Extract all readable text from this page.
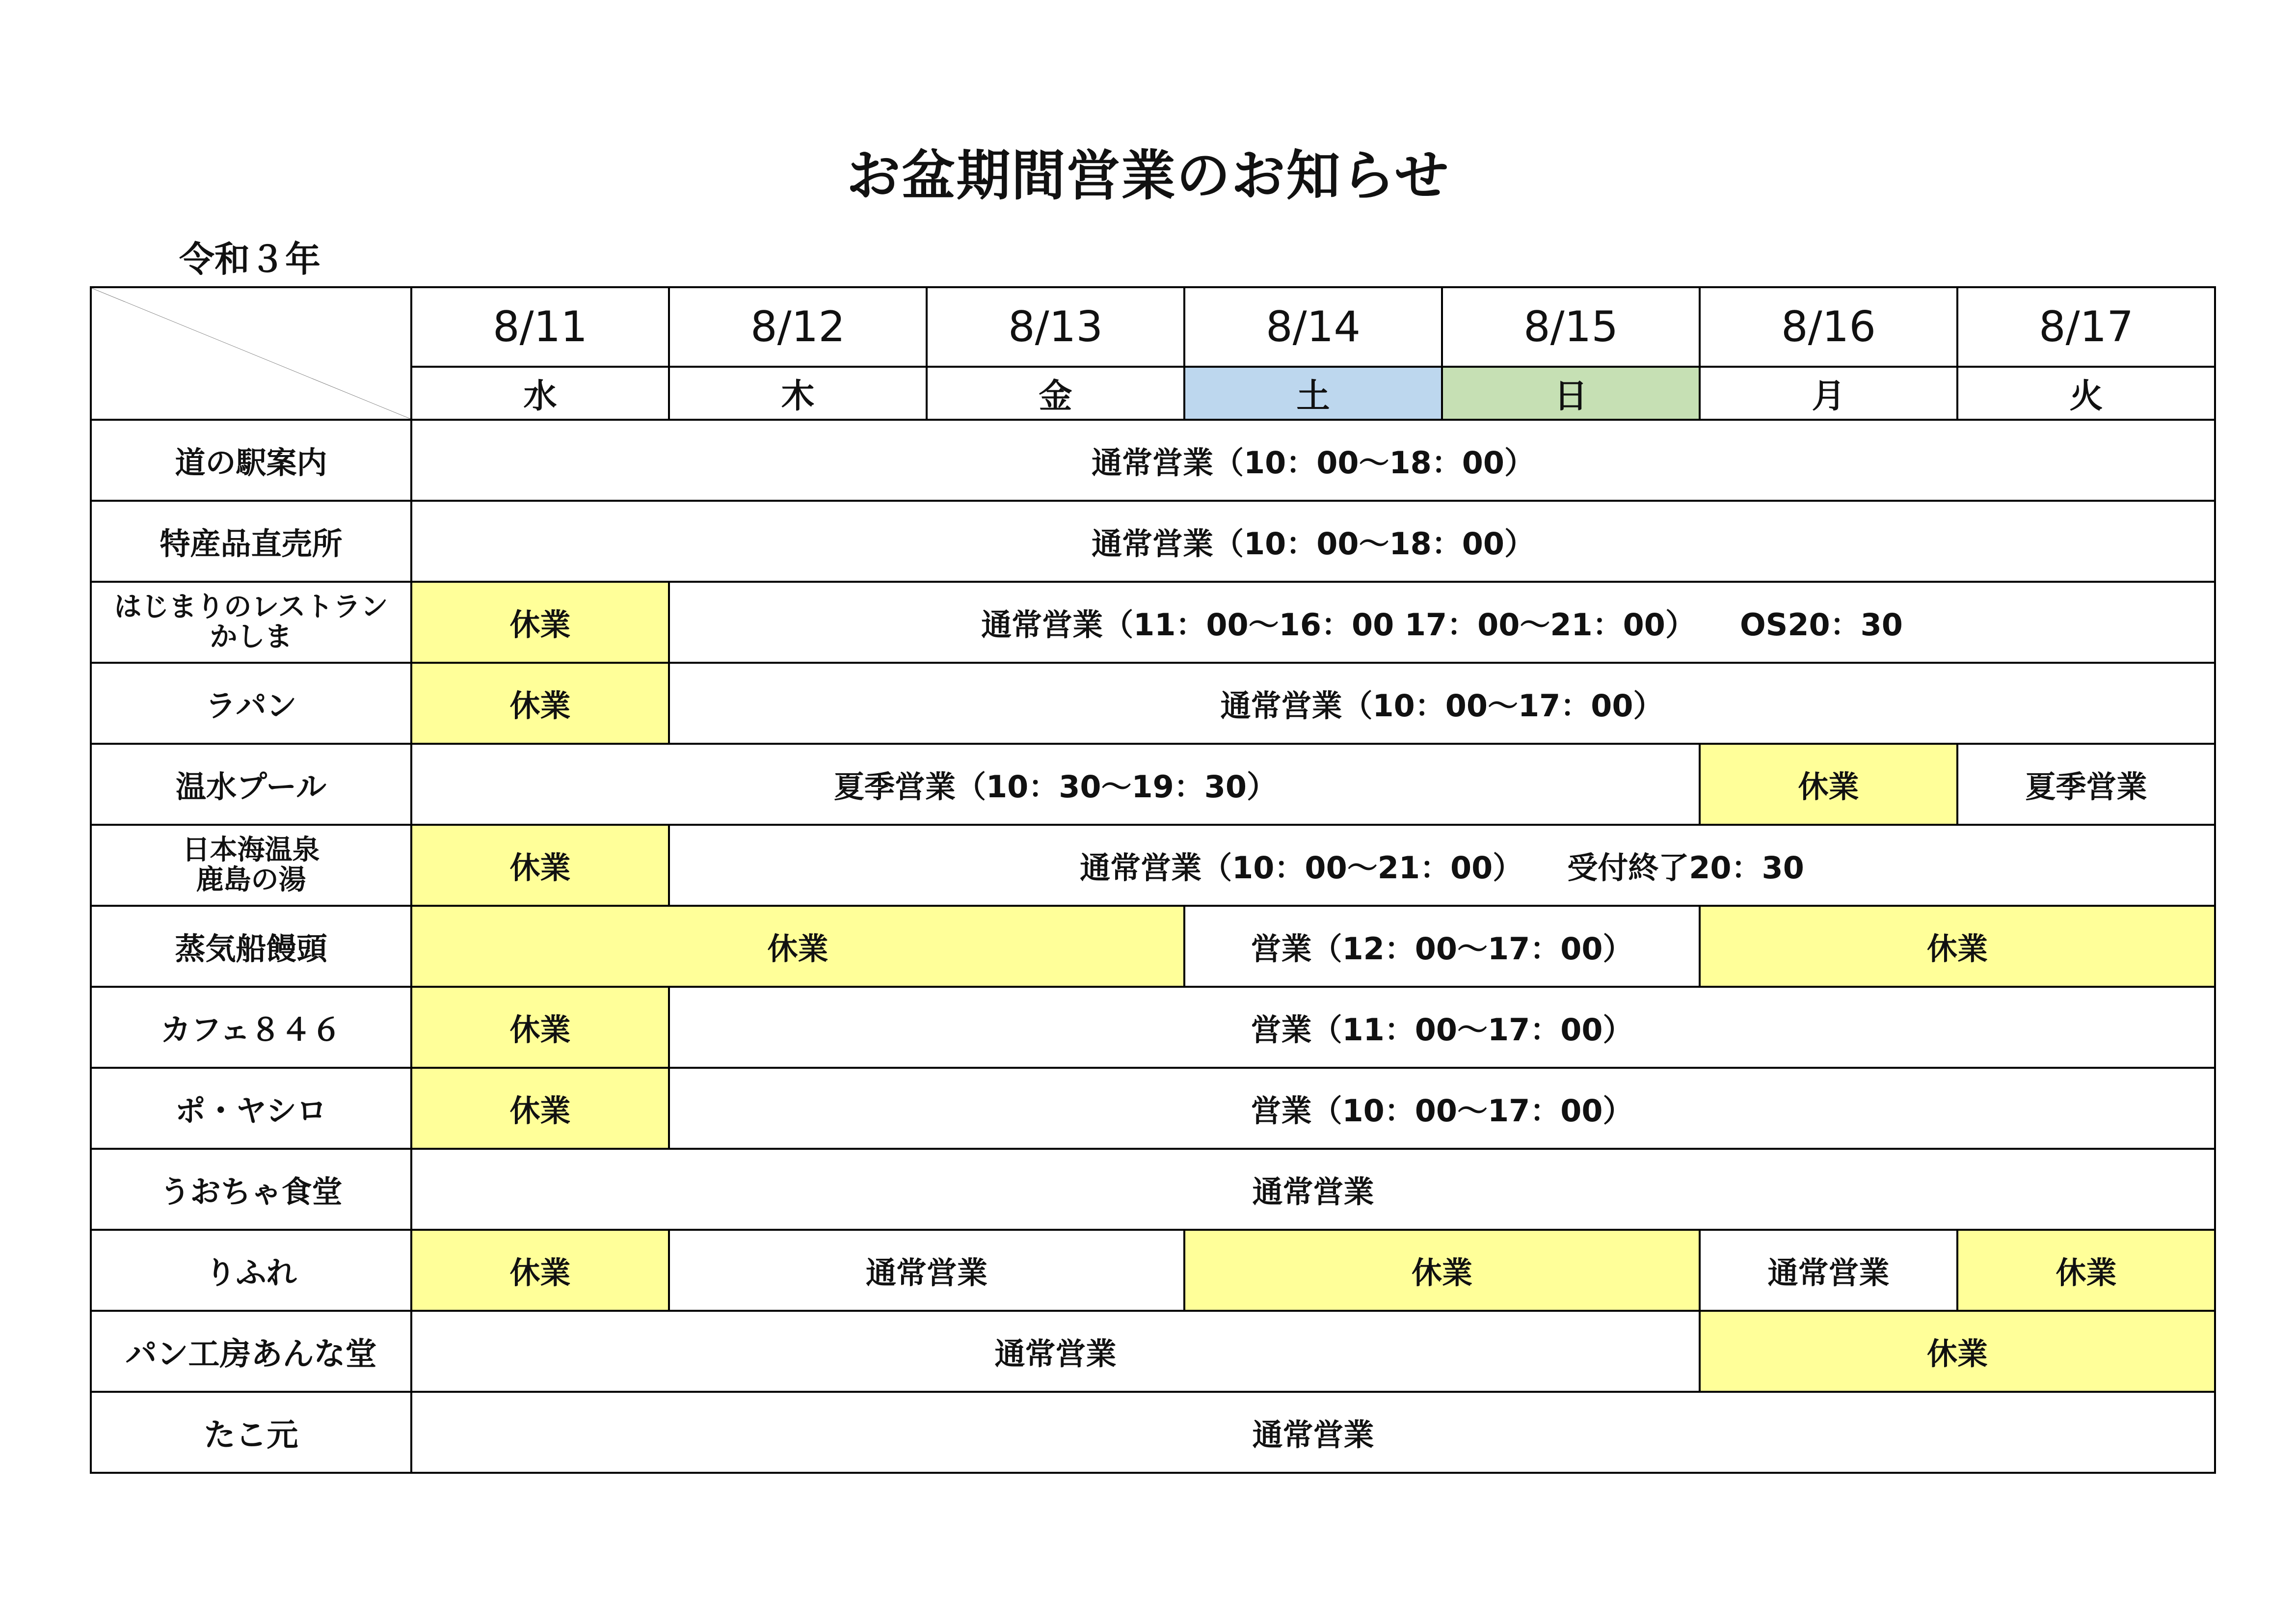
お盆期間営業のお知らせ
令和３年
	8/11	8/12	8/13	8/14	8/15	8/16	8/17
	水	木	金	土	日	月	火
道の駅案内	通常営業（10：00～18：00）						
特産品直売所	通常営業（10：00～18：00）						
はじまりのレストラン
かしま	休業	通常営業（11：00～16：00 17：00～21：00） OS20：30					
ラパン	休業	通常営業（10：00～17：00）					
温水プール	夏季営業（10：30～19：30）					休業	夏季営業
日本海温泉
鹿島の湯	休業	通常営業（10：00～21：00） 受付終了20：30					
蒸気船饅頭	休業			営業（12：00～17：00）		休業	
カフェ８４６	休業	営業（11：00～17：00）					
ポ・ヤシロ	休業	営業（10：00～17：00）					
うおちゃ食堂	通常営業						
りふれ	休業	通常営業		休業		通常営業	休業
パン工房あんな堂	通常営業					休業	
たこ元	通常営業						
